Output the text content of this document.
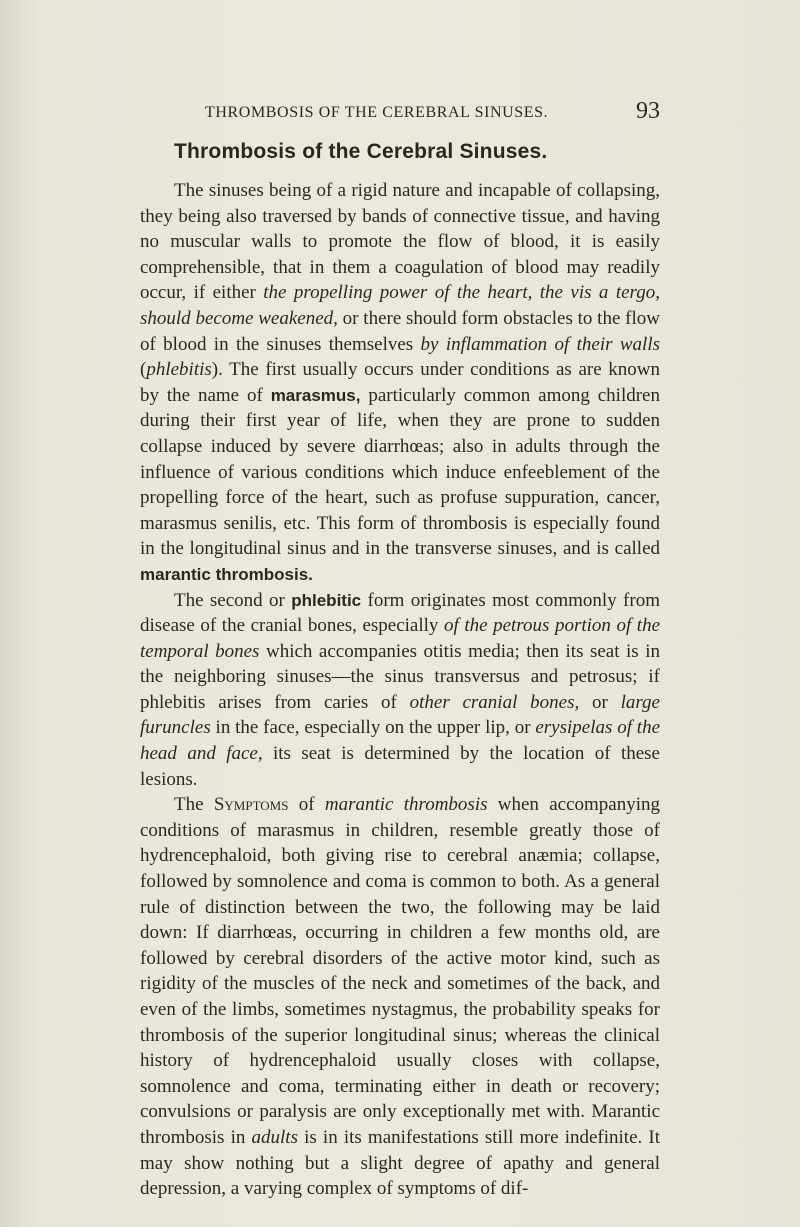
THROMBOSIS OF THE CEREBRAL SINUSES.	93
Thrombosis of the Cerebral Sinuses.

The sinuses being of a rigid nature and incapable of collapsing, they being also traversed by bands of connective tissue, and having no muscular walls to promote the flow of blood, it is easily comprehensible, that in them a coagulation of blood may readily occur, if either the propelling power of the heart, the vis a tergo, should become weakened, or there should form obstacles to the flow of blood in the sinuses themselves by inflammation of their walls (phlebitis). The first usually occurs under conditions as are known by the name of marasmus, particularly common among children during their first year of life, when they are prone to sudden collapse induced by severe diarrhœas; also in adults through the influence of various conditions which induce enfeeblement of the propelling force of the heart, such as profuse suppuration, cancer, marasmus senilis, etc. This form of thrombosis is especially found in the longitudinal sinus and in the transverse sinuses, and is called marantic thrombosis.

The second or phlebitic form originates most commonly from disease of the cranial bones, especially of the petrous portion of the temporal bones which accompanies otitis media; then its seat is in the neighboring sinuses—the sinus transversus and petrosus; if phlebitis arises from caries of other cranial bones, or large furuncles in the face, especially on the upper lip, or erysipelas of the head and face, its seat is determined by the location of these lesions.

The Symptoms of marantic thrombosis when accompanying conditions of marasmus in children, resemble greatly those of hydrencephaloid, both giving rise to cerebral anæmia; collapse, followed by somnolence and coma is common to both. As a general rule of distinction between the two, the following may be laid down: If diarrhœas, occurring in children a few months old, are followed by cerebral disorders of the active motor kind, such as rigidity of the muscles of the neck and sometimes of the back, and even of the limbs, sometimes nystagmus, the probability speaks for thrombosis of the superior longitudinal sinus; whereas the clinical history of hydrencephaloid usually closes with collapse, somnolence and coma, terminating either in death or recovery; convulsions or paralysis are only exceptionally met with. Marantic thrombosis in adults is in its manifestations still more indefinite. It may show nothing but a slight degree of apathy and general depression, a varying complex of symptoms of dif-
